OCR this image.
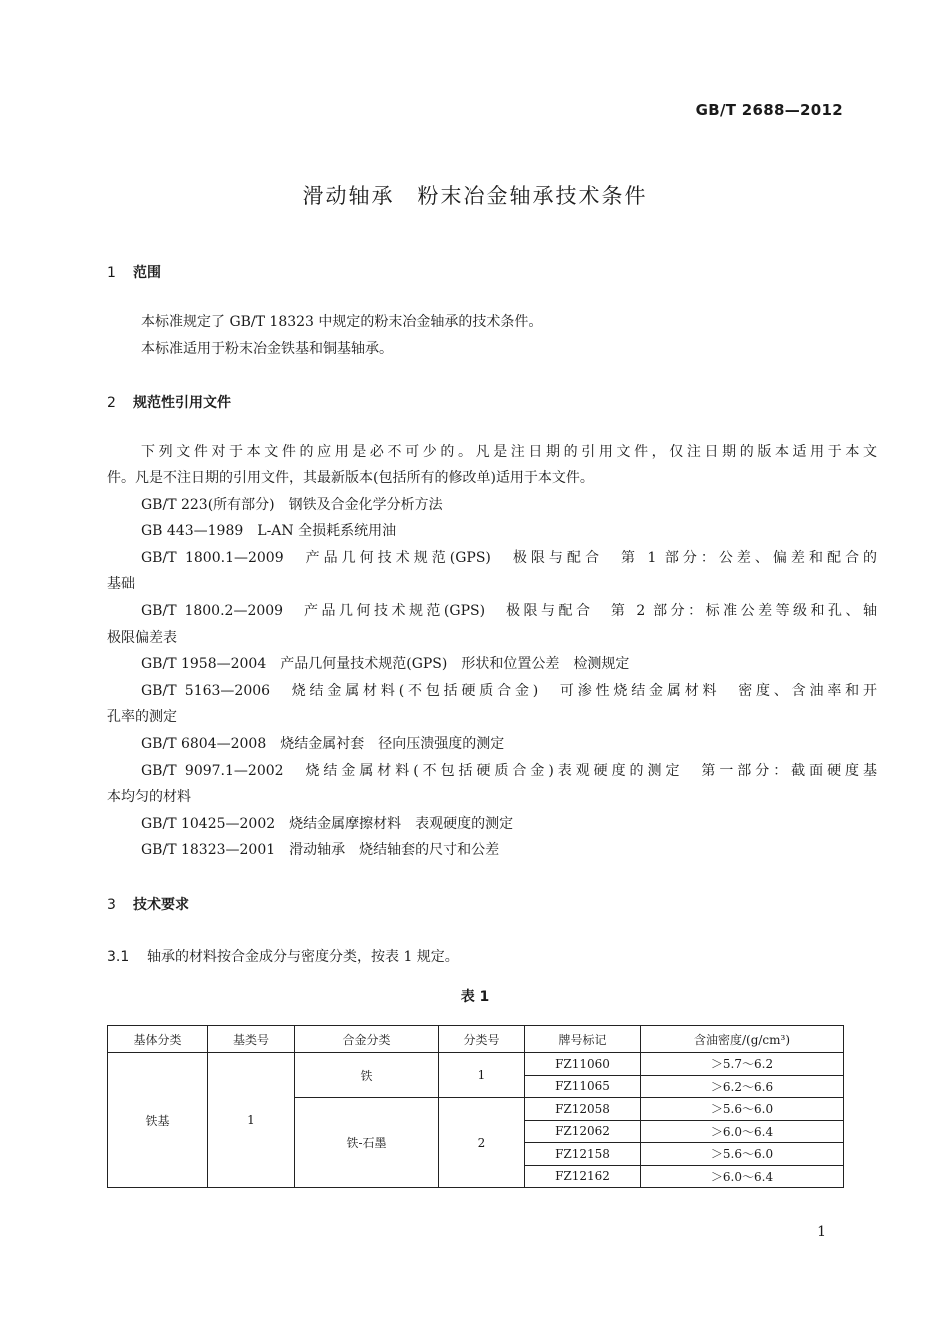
GB/T 2688—2012
滑动轴承　粉末冶金轴承技术条件
1 范围
本标准规定了 GB/T 18323 中规定的粉末冶金轴承的技术条件。
本标准适用于粉末冶金铁基和铜基轴承。
2 规范性引用文件
下列文件对于本文件的应用是必不可少的。凡是注日期的引用文件，仅注日期的版本适用于本文
件。凡是不注日期的引用文件，其最新版本(包括所有的修改单)适用于本文件。
GB/T 223(所有部分)　钢铁及合金化学分析方法
GB 443—1989　L-AN 全损耗系统用油
GB/T 1800.1—2009　产品几何技术规范(GPS)　极限与配合　第 1 部分：公差、偏差和配合的
基础
GB/T 1800.2—2009　产品几何技术规范(GPS)　极限与配合　第 2 部分：标准公差等级和孔、轴
极限偏差表
GB/T 1958—2004　产品几何量技术规范(GPS)　形状和位置公差　检测规定
GB/T 5163—2006　烧结金属材料(不包括硬质合金)　可渗性烧结金属材料　密度、含油率和开
孔率的测定
GB/T 6804—2008　烧结金属衬套　径向压溃强度的测定
GB/T 9097.1—2002　烧结金属材料(不包括硬质合金)表观硬度的测定　第一部分：截面硬度基
本均匀的材料
GB/T 10425—2002　烧结金属摩擦材料　表观硬度的测定
GB/T 18323—2001　滑动轴承　烧结轴套的尺寸和公差
3 技术要求
3.1 轴承的材料按合金成分与密度分类，按表 1 规定。
表 1
基体分类	基类号	合金分类	分类号	牌号标记	含油密度/(g/cm³)
铁基	1	铁	1	FZ11060	＞5.7～6.2
				FZ11065	＞6.2～6.6
		铁-石墨	2	FZ12058	＞5.6～6.0
				FZ12062	＞6.0～6.4
				FZ12158	＞5.6～6.0
				FZ12162	＞6.0～6.4
1
